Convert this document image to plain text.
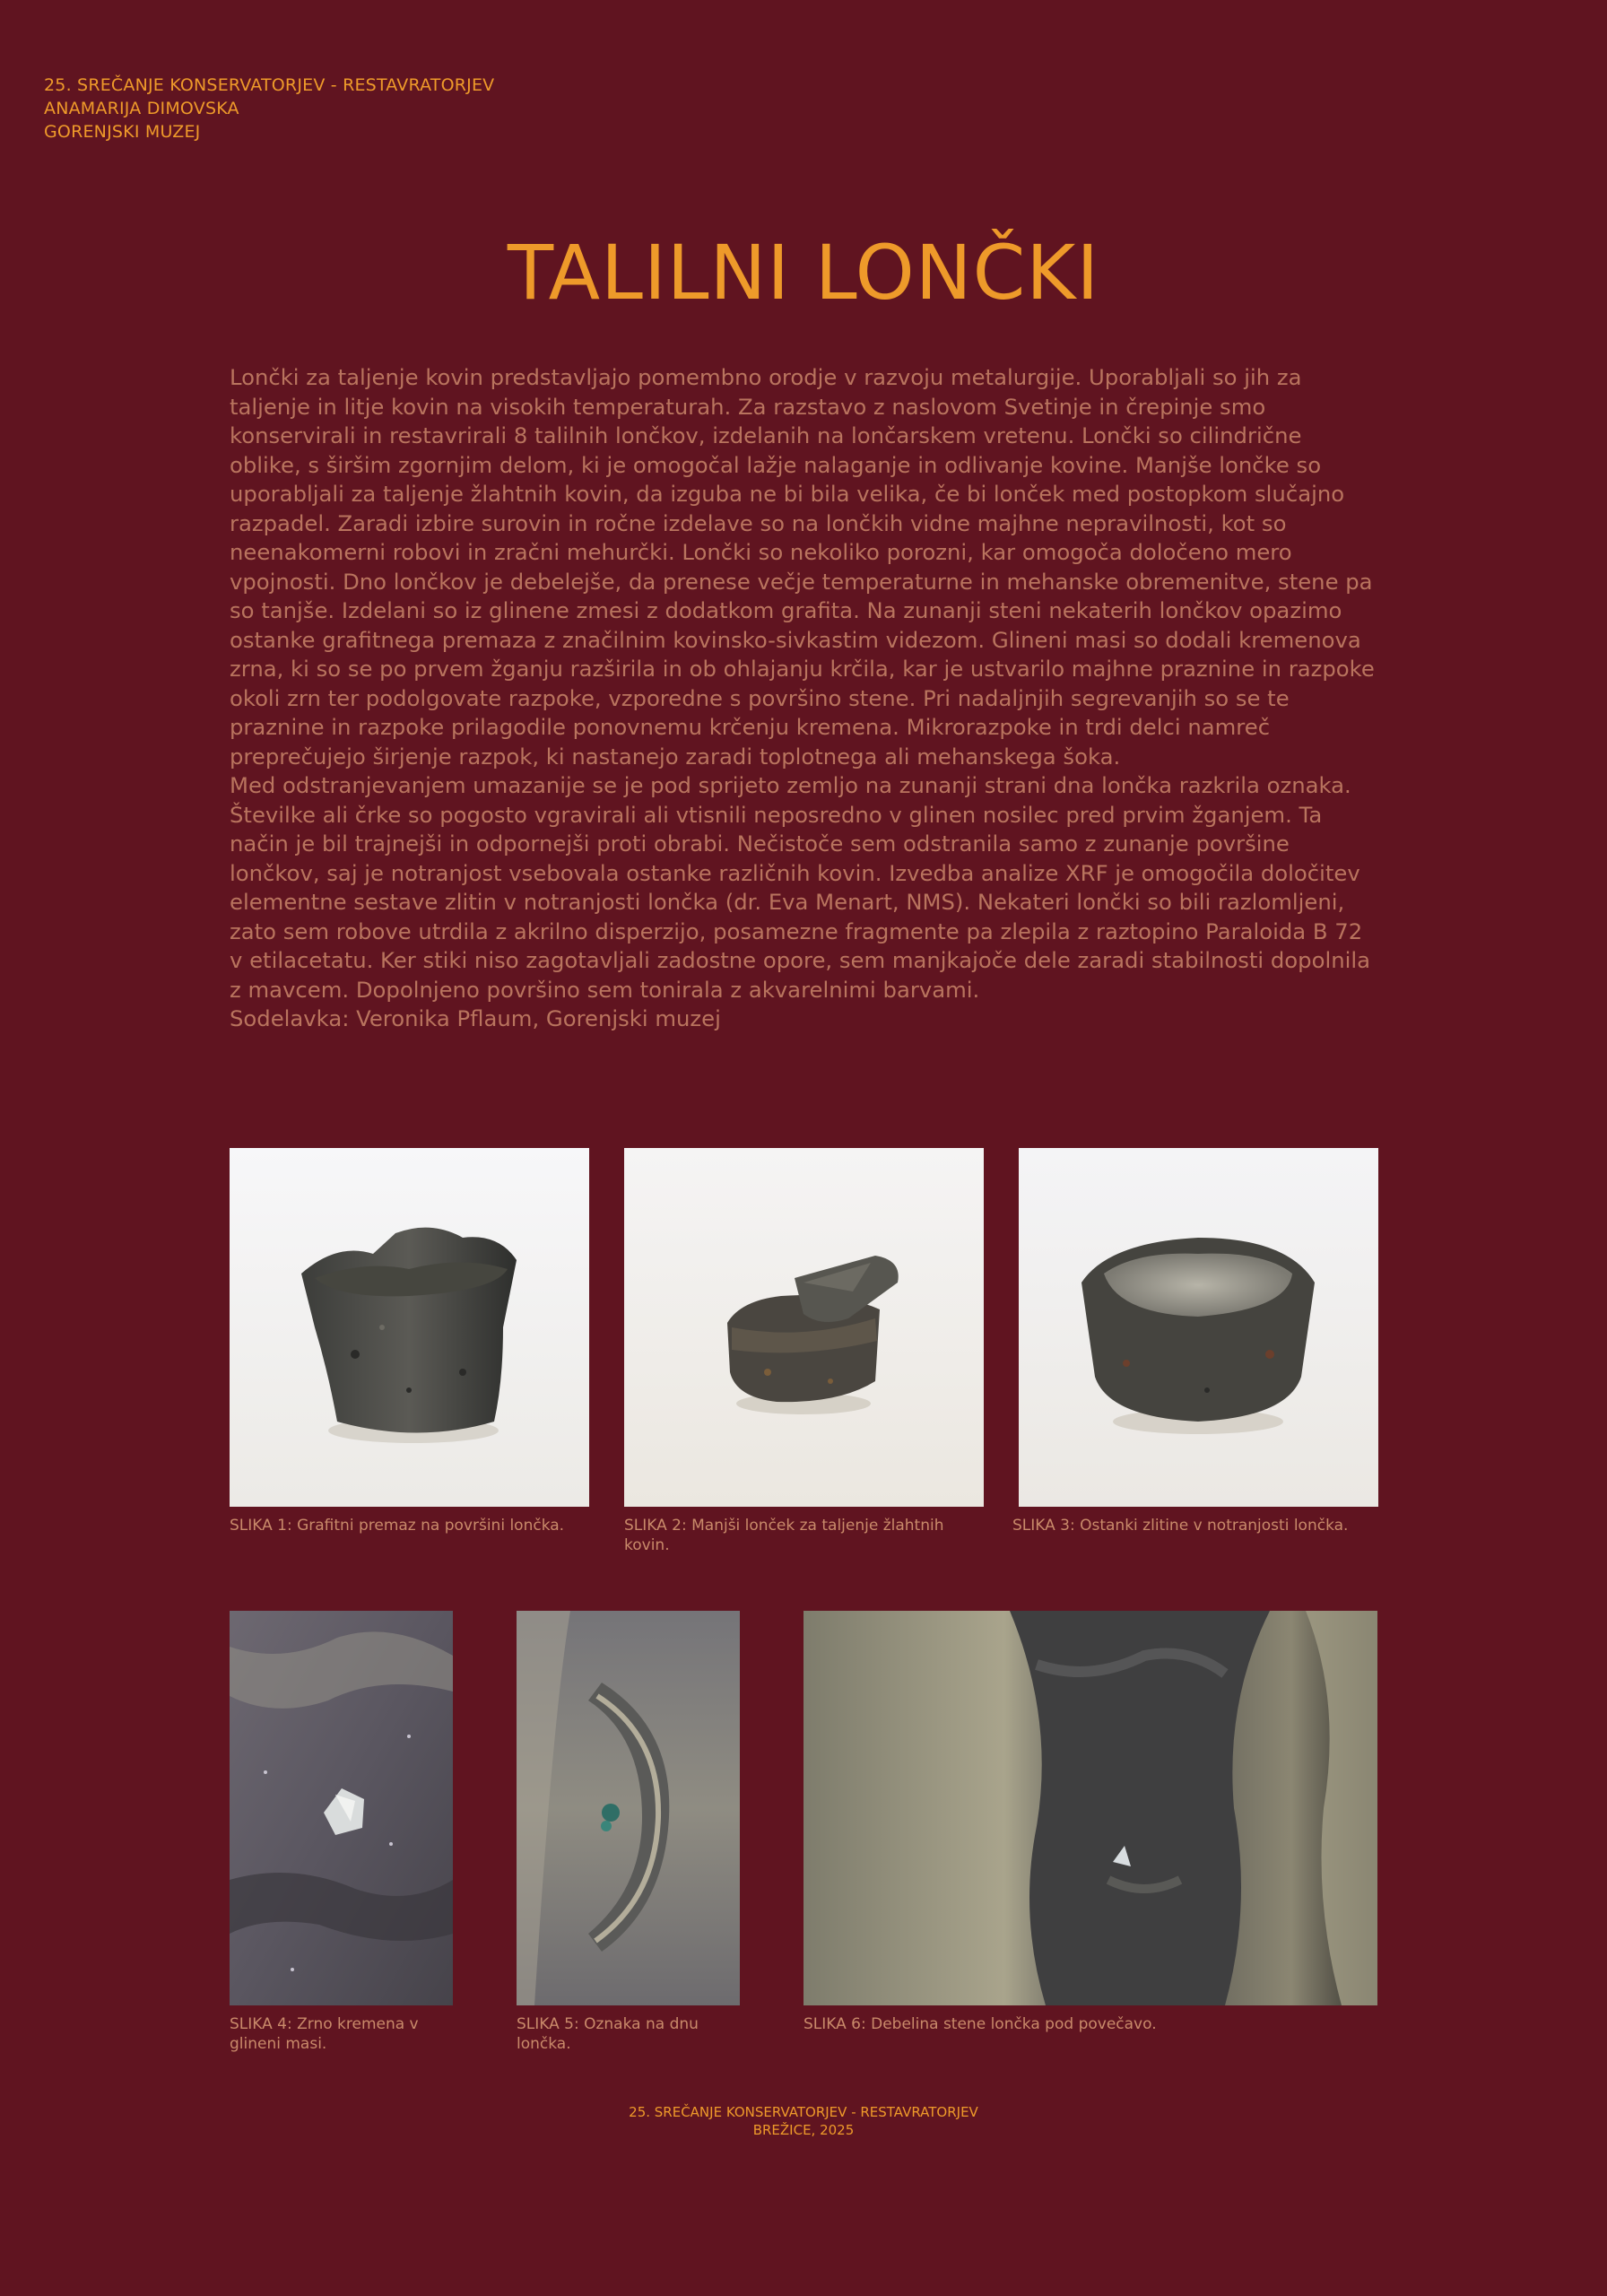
25. SREČANJE KONSERVATORJEV - RESTAVRATORJEV
ANAMARIJA DIMOVSKA
GORENJSKI MUZEJ
TALILNI LONČKI

Lončki za taljenje kovin predstavljajo pomembno orodje v razvoju metalurgije. Uporabljali so jih za taljenje in litje kovin na visokih temperaturah. Za razstavo z naslovom Svetinje in črepinje smo konservirali in restavrirali 8 talilnih lončkov, izdelanih na lončarskem vretenu. Lončki so cilindrične oblike, s širšim zgornjim delom, ki je omogočal lažje nalaganje in odlivanje kovine. Manjše lončke so uporabljali za taljenje žlahtnih kovin, da izguba ne bi bila velika, če bi lonček med postopkom slučajno razpadel. Zaradi izbire surovin in ročne izdelave so na lončkih vidne majhne nepravilnosti, kot so neenakomerni robovi in zračni mehurčki. Lončki so nekoliko porozni, kar omogoča določeno mero vpojnosti. Dno lončkov je debelejše, da prenese večje temperaturne in mehanske obremenitve, stene pa so tanjše. Izdelani so iz glinene zmesi z dodatkom grafita. Na zunanji steni nekaterih lončkov opazimo ostanke grafitnega premaza z značilnim kovinsko-sivkastim videzom. Glineni masi so dodali kremenova zrna, ki so se po prvem žganju razširila in ob ohlajanju krčila, kar je ustvarilo majhne praznine in razpoke okoli zrn ter podolgovate razpoke, vzporedne s površino stene. Pri nadaljnjih segrevanjih so se te praznine in razpoke prilagodile ponovnemu krčenju kremena. Mikrorazpoke in trdi delci namreč preprečujejo širjenje razpok, ki nastanejo zaradi toplotnega ali mehanskega šoka.

Med odstranjevanjem umazanije se je pod sprijeto zemljo na zunanji strani dna lončka razkrila oznaka. Številke ali črke so pogosto vgravirali ali vtisnili neposredno v glinen nosilec pred prvim žganjem. Ta način je bil trajnejši in odpornejši proti obrabi. Nečistoče sem odstranila samo z zunanje površine lončkov, saj je notranjost vsebovala ostanke različnih kovin. Izvedba analize XRF je omogočila določitev elementne sestave zlitin v notranjosti lončka (dr. Eva Menart, NMS). Nekateri lončki so bili razlomljeni, zato sem robove utrdila z akrilno disperzijo, posamezne fragmente pa zlepila z raztopino Paraloida B 72 v etilacetatu. Ker stiki niso zagotavljali zadostne opore, sem manjkajoče dele zaradi stabilnosti dopolnila z mavcem. Dopolnjeno površino sem tonirala z akvarelnimi barvami.

Sodelavka: Veronika Pflaum, Gorenjski muzej

SLIKA 1: Grafitni premaz na površini lončka.	SLIKA 2: Manjši lonček za taljenje žlahtnih kovin.
SLIKA 3: Ostanki zlitine v notranjosti lončka.
SLIKA 4: Zrno kremena v glineni masi.
SLIKA 5: Oznaka na dnu lončka.
SLIKA 6: Debelina stene lončka pod povečavo.
25. SREČANJE KONSERVATORJEV - RESTAVRATORJEV
BREŽICE, 2025
